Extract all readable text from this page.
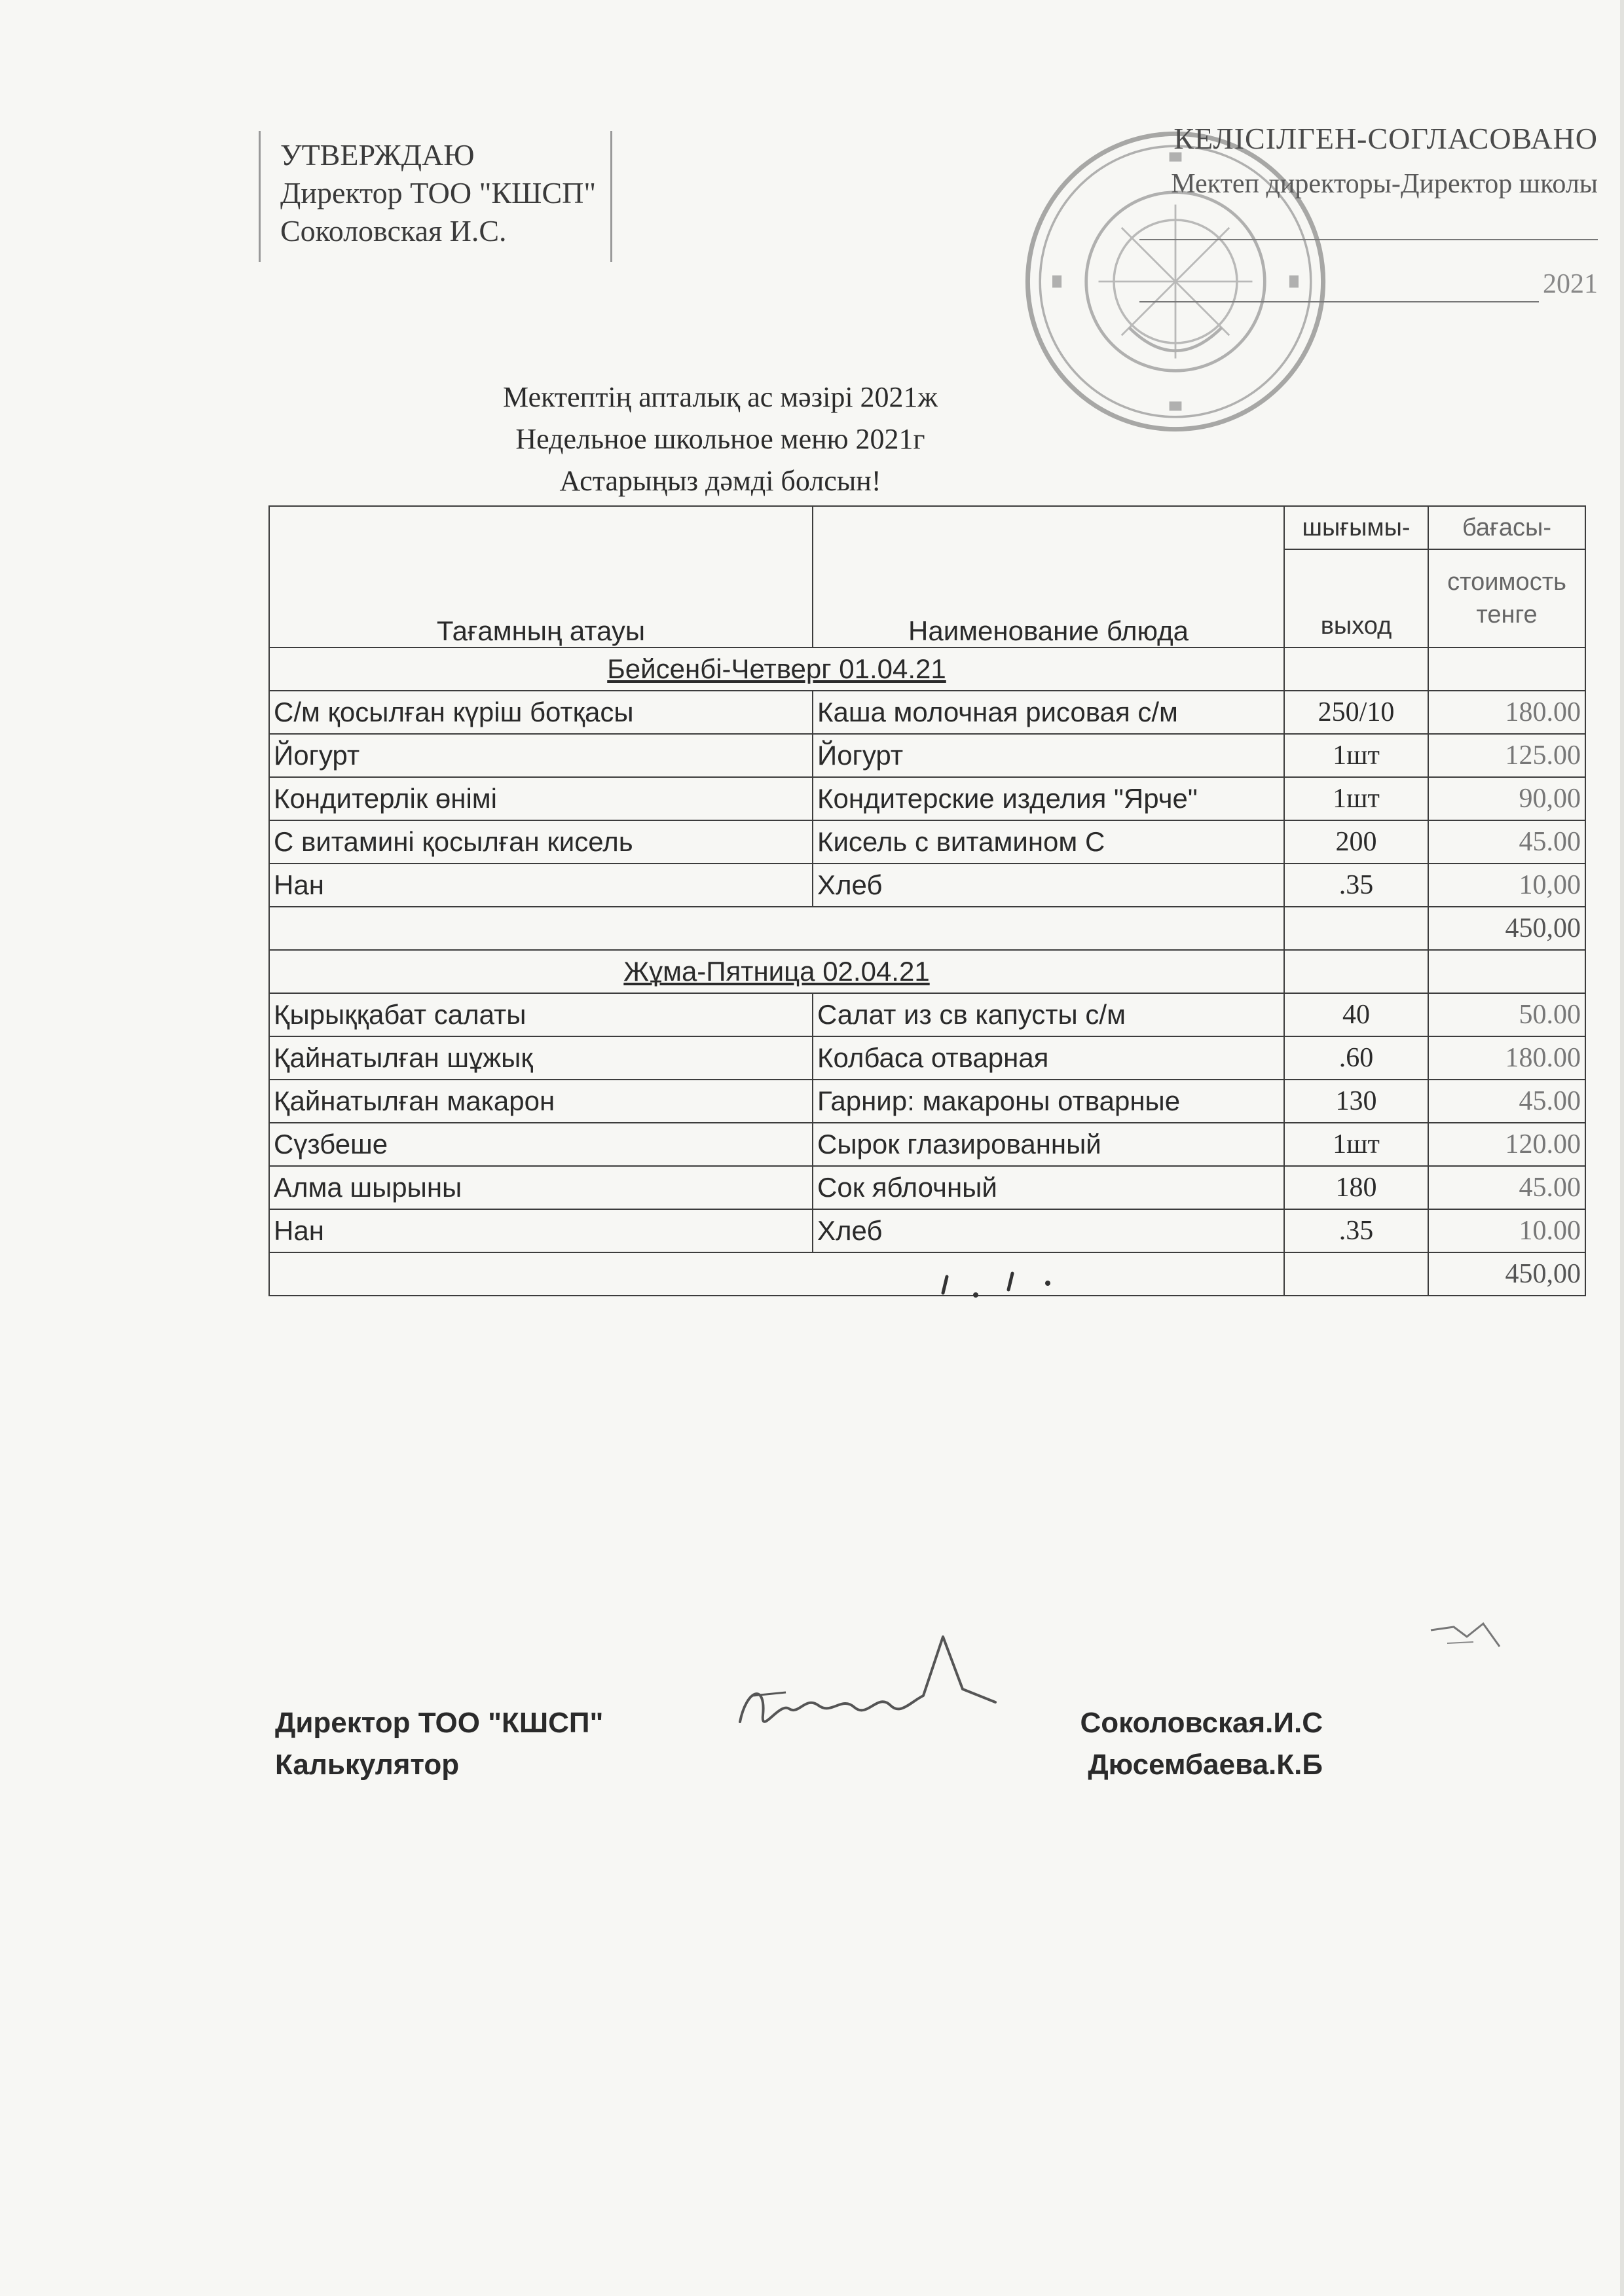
УТВЕРЖДАЮ
Директор ТОО "КШСП"
Соколовская И.С.
КЕЛІСІЛГЕН-СОГЛАСОВАНО
Мектеп директоры-Директор школы
2021
Мектептің апталық ас мәзірі 2021ж
Недельное школьное меню 2021г
Астарыңыз дәмді болсын!
Тағамның атауы	Наименование блюда	шығымы-	бағасы-
		выход	стоимость тенге
Бейсенбі-Четверг 01.04.21			
С/м қосылған күріш ботқасы	Каша молочная рисовая с/м	250/10	180.00
Йогурт	Йогурт	1шт	125.00
Кондитерлік өнімі	Кондитерские изделия "Ярче"	1шт	90,00
С витамині қосылған кисель	Кисель с витамином С	200	45.00
Нан	Хлеб	.35	10,00
			450,00
Жұма-Пятница 02.04.21			
Қырыққабат салаты	Салат из св капусты с/м	40	50.00
Қайнатылған шұжық	Колбаса отварная	.60	180.00
Қайнатылған макарон	Гарнир: макароны отварные	130	45.00
Сүзбеше	Сырок глазированный	1шт	120.00
Алма шырыны	Сок яблочный	180	45.00
Нан	Хлеб	.35	10.00
			450,00
Директор ТОО "КШСП"
Калькулятор
Соколовская.И.С
Дюсембаева.К.Б
